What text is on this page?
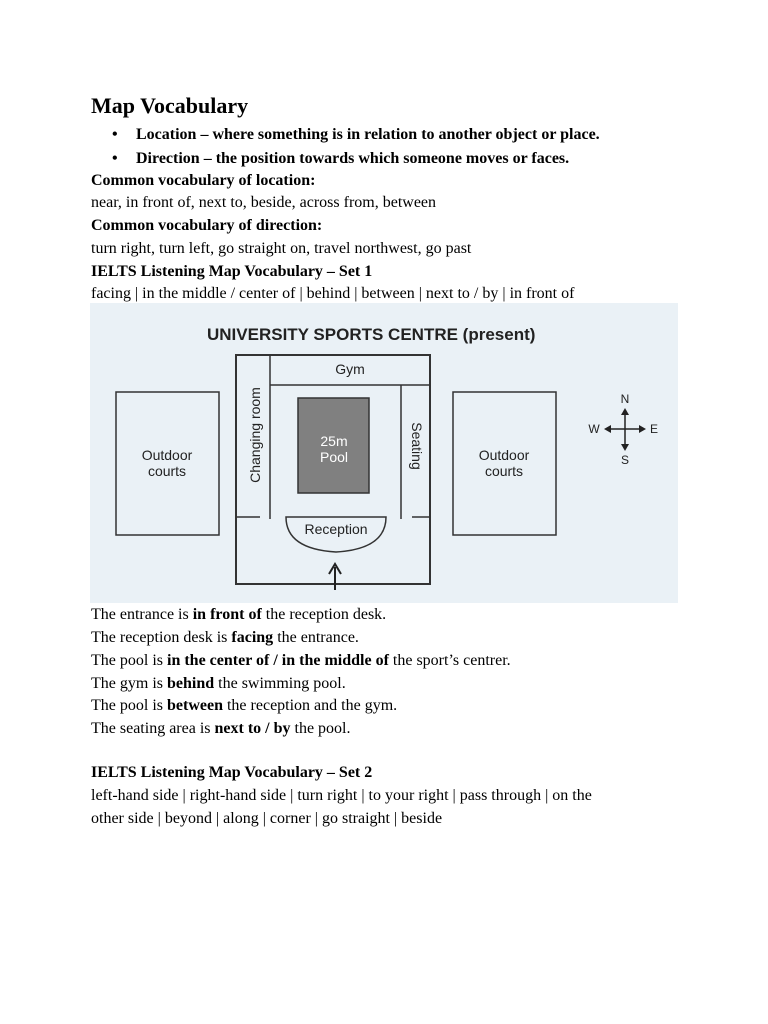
Map Vocabulary
• Location – where something is in relation to another object or place.
• Direction – the position towards which someone moves or faces.
Common vocabulary of location:
near, in front of, next to, beside, across from, between
Common vocabulary of direction:
turn right, turn left, go straight on, travel northwest, go past
IELTS Listening Map Vocabulary – Set 1
facing | in the middle / center of | behind | between | next to / by | in front of
UNIVERSITY SPORTS CENTRE (present)
Gym
Changing room	25m
Pool	Seating
Outdoor
courts
Outdoor
courts
Reception
N
S
W	E
The entrance is in front of the reception desk.
The reception desk is facing the entrance.
The pool is in the center of / in the middle of the sport’s centrer.
The gym is behind the swimming pool.
The pool is between the reception and the gym.
The seating area is next to / by the pool.
IELTS Listening Map Vocabulary – Set 2
left-hand side | right-hand side | turn right | to your right | pass through | on the
other side | beyond | along | corner | go straight | beside
